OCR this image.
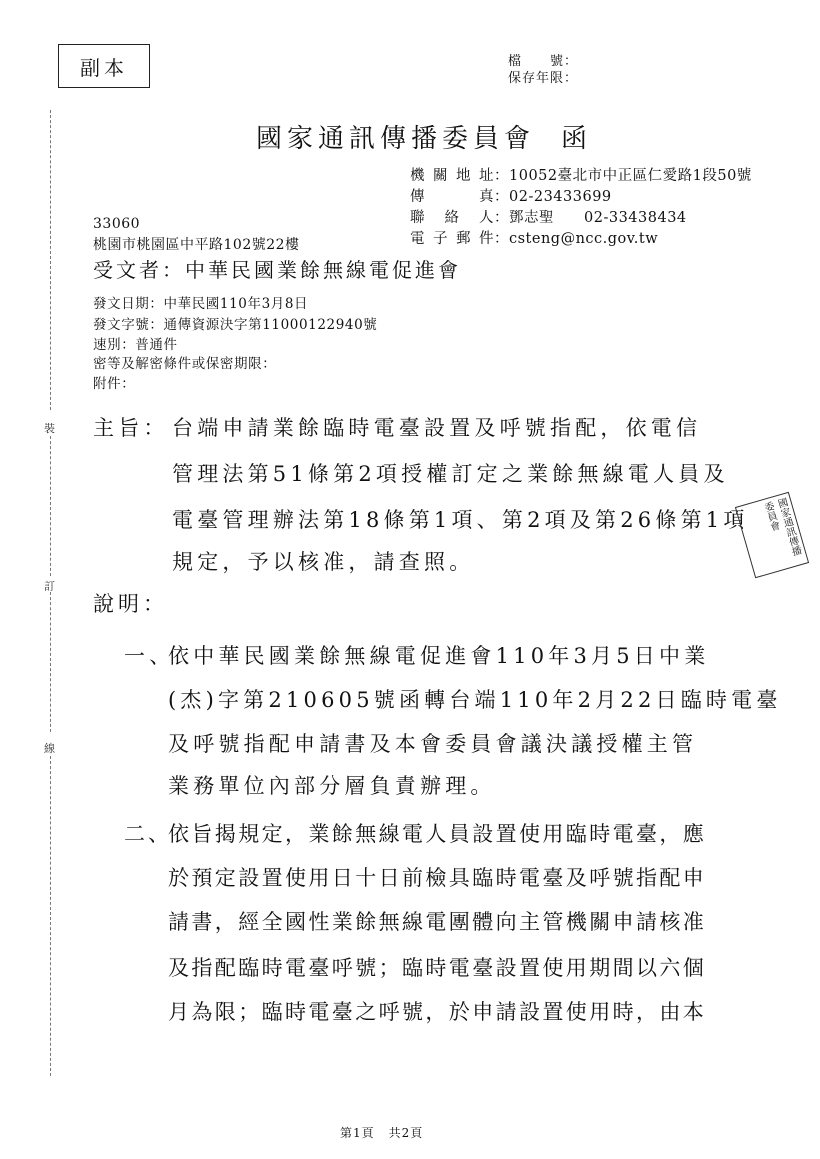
副本	檔　　號：
保存年限：
國家通訊傳播委員會 函
機關地址：10052臺北市中正區仁愛路1段50號
傳　　真：02-23433699
聯 絡 人：鄧志聖　　02-33438434
電子郵件：csteng@ncc.gov.tw
33060
桃園市桃園區中平路102號22樓
受文者：中華民國業餘無線電促進會
發文日期：中華民國110年3月8日
發文字號：通傳資源決字第11000122940號
速別：普通件
密等及解密條件或保密期限：
附件：
主旨： 台端申請業餘臨時電臺設置及呼號指配，依電信
管理法第51條第2項授權訂定之業餘無線電人員及
電臺管理辦法第18條第1項、第2項及第26條第1項
規定，予以核准，請查照。
說明：
一、
依中華民國業餘無線電促進會110年3月5日中業
(杰)字第210605號函轉台端110年2月22日臨時電臺
及呼號指配申請書及本會委員會議決議授權主管
業務單位內部分層負責辦理。
二、
依旨揭規定，業餘無線電人員設置使用臨時電臺，應
於預定設置使用日十日前檢具臨時電臺及呼號指配申
請書，經全國性業餘無線電團體向主管機關申請核准
及指配臨時電臺呼號；臨時電臺設置使用期間以六個
月為限；臨時電臺之呼號，於申請設置使用時，由本
裝
訂
線
國家通訊傳播委員會
第1頁 共2頁
